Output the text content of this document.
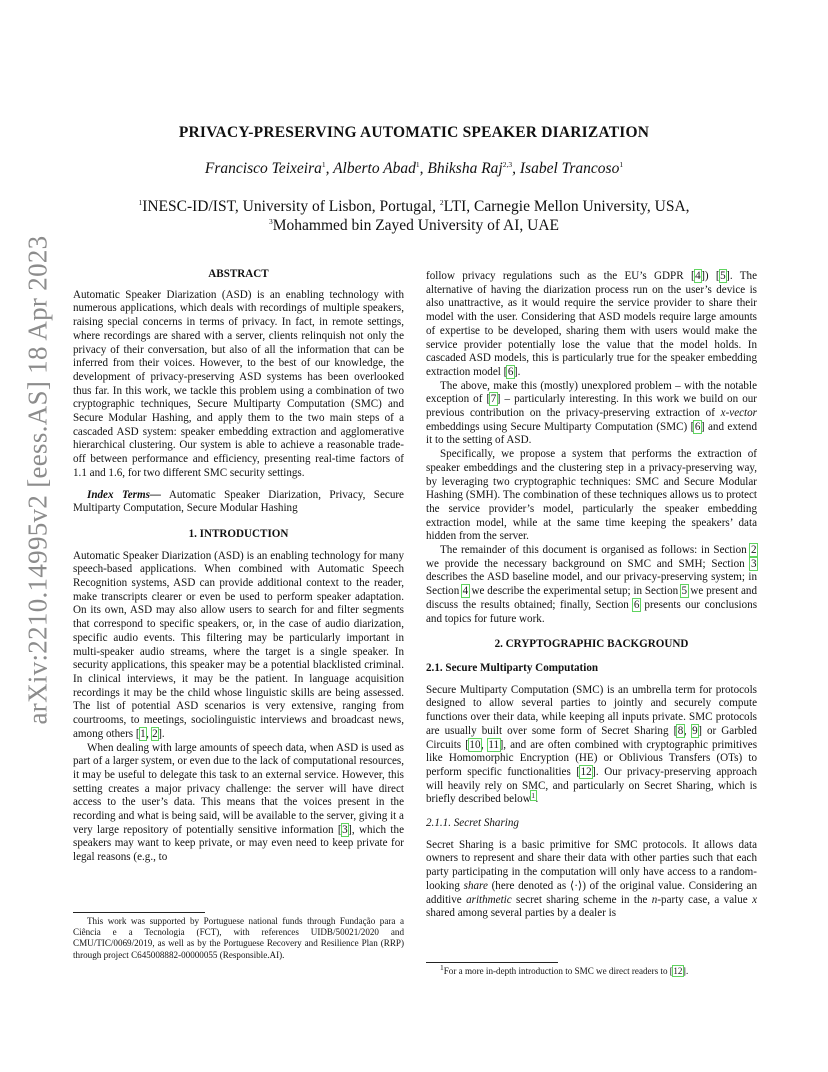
arXiv:2210.14995v2 [eess.AS] 18 Apr 2023
PRIVACY-PRESERVING AUTOMATIC SPEAKER DIARIZATION
Francisco Teixeira$^1$, Alberto Abad$^1$, Bhiksha Raj$^{2,3}$, Isabel Trancoso$^1$
$^1$INESC-ID/IST, University of Lisbon, Portugal, $^2$LTI, Carnegie Mellon University, USA,
$^3$Mohammed bin Zayed University of AI, UAE

ABSTRACT

Automatic Speaker Diarization (ASD) is an enabling technology with numerous applications, which deals with recordings of multiple speakers, raising special concerns in terms of privacy. In fact, in remote settings, where recordings are shared with a server, clients relinquish not only the privacy of their conversation, but also of all the information that can be inferred from their voices. However, to the best of our knowledge, the development of privacy-preserving ASD systems has been overlooked thus far. In this work, we tackle this problem using a combination of two cryptographic techniques, Secure Multiparty Computation (SMC) and Secure Modular Hashing, and apply them to the two main steps of a cascaded ASD system: speaker embedding extraction and agglomerative hierarchical clustering. Our system is able to achieve a reasonable trade-off between performance and efficiency, presenting real-time factors of 1.1 and 1.6, for two different SMC security settings.

Index Terms— Automatic Speaker Diarization, Privacy, Secure Multiparty Computation, Secure Modular Hashing

1. INTRODUCTION

Automatic Speaker Diarization (ASD) is an enabling technology for many speech-based applications. When combined with Automatic Speech Recognition systems, ASD can provide additional context to the reader, make transcripts clearer or even be used to perform speaker adaptation. On its own, ASD may also allow users to search for and filter segments that correspond to specific speakers, or, in the case of audio diarization, specific audio events. This filtering may be particularly important in multi-speaker audio streams, where the target is a single speaker. In security applications, this speaker may be a potential blacklisted criminal. In clinical interviews, it may be the patient. In language acquisition recordings it may be the child whose linguistic skills are being assessed. The list of potential ASD scenarios is very extensive, ranging from courtrooms, to meetings, sociolinguistic interviews and broadcast news, among others [1, 2].

When dealing with large amounts of speech data, when ASD is used as part of a larger system, or even due to the lack of computational resources, it may be useful to delegate this task to an external service. However, this setting creates a major privacy challenge: the server will have direct access to the user’s data. This means that the voices present in the recording and what is being said, will be available to the server, giving it a very large repository of potentially sensitive information [3], which the speakers may want to keep private, or may even need to keep private for legal reasons (e.g., to

This work was supported by Portuguese national funds through Fundação para a Ciência e a Tecnologia (FCT), with references UIDB/50021/2020 and CMU/TIC/0069/2019, as well as by the Portuguese Recovery and Resilience Plan (RRP) through project C645008882-00000055 (Responsible.AI).

follow privacy regulations such as the EU’s GDPR [4]) [5]. The alternative of having the diarization process run on the user’s device is also unattractive, as it would require the service provider to share their model with the user. Considering that ASD models require large amounts of expertise to be developed, sharing them with users would make the service provider potentially lose the value that the model holds. In cascaded ASD models, this is particularly true for the speaker embedding extraction model [6].

The above, make this (mostly) unexplored problem – with the notable exception of [7] – particularly interesting. In this work we build on our previous contribution on the privacy-preserving extraction of x-vector embeddings using Secure Multiparty Computation (SMC) [6] and extend it to the setting of ASD.

Specifically, we propose a system that performs the extraction of speaker embeddings and the clustering step in a privacy-preserving way, by leveraging two cryptographic techniques: SMC and Secure Modular Hashing (SMH). The combination of these techniques allows us to protect the service provider’s model, particularly the speaker embedding extraction model, while at the same time keeping the speakers’ data hidden from the server.

The remainder of this document is organised as follows: in Section 2 we provide the necessary background on SMC and SMH; Section 3 describes the ASD baseline model, and our privacy-preserving system; in Section 4 we describe the experimental setup; in Section 5 we present and discuss the results obtained; finally, Section 6 presents our conclusions and topics for future work.

2. CRYPTOGRAPHIC BACKGROUND

2.1. Secure Multiparty Computation

Secure Multiparty Computation (SMC) is an umbrella term for protocols designed to allow several parties to jointly and securely compute functions over their data, while keeping all inputs private. SMC protocols are usually built over some form of Secret Sharing [8, 9] or Garbled Circuits [10, 11], and are often combined with cryptographic primitives like Homomorphic Encryption (HE) or Oblivious Transfers (OTs) to perform specific functionalities [12]. Our privacy-preserving approach will heavily rely on SMC, and particularly on Secret Sharing, which is briefly described below$^1$.

2.1.1. Secret Sharing

Secret Sharing is a basic primitive for SMC protocols. It allows data owners to represent and share their data with other parties such that each party participating in the computation will only have access to a random-looking share (here denoted as ⟨·⟩) of the original value. Considering an additive arithmetic secret sharing scheme in the n-party case, a value x shared among several parties by a dealer is

$^1$For a more in-depth introduction to SMC we direct readers to [12].
